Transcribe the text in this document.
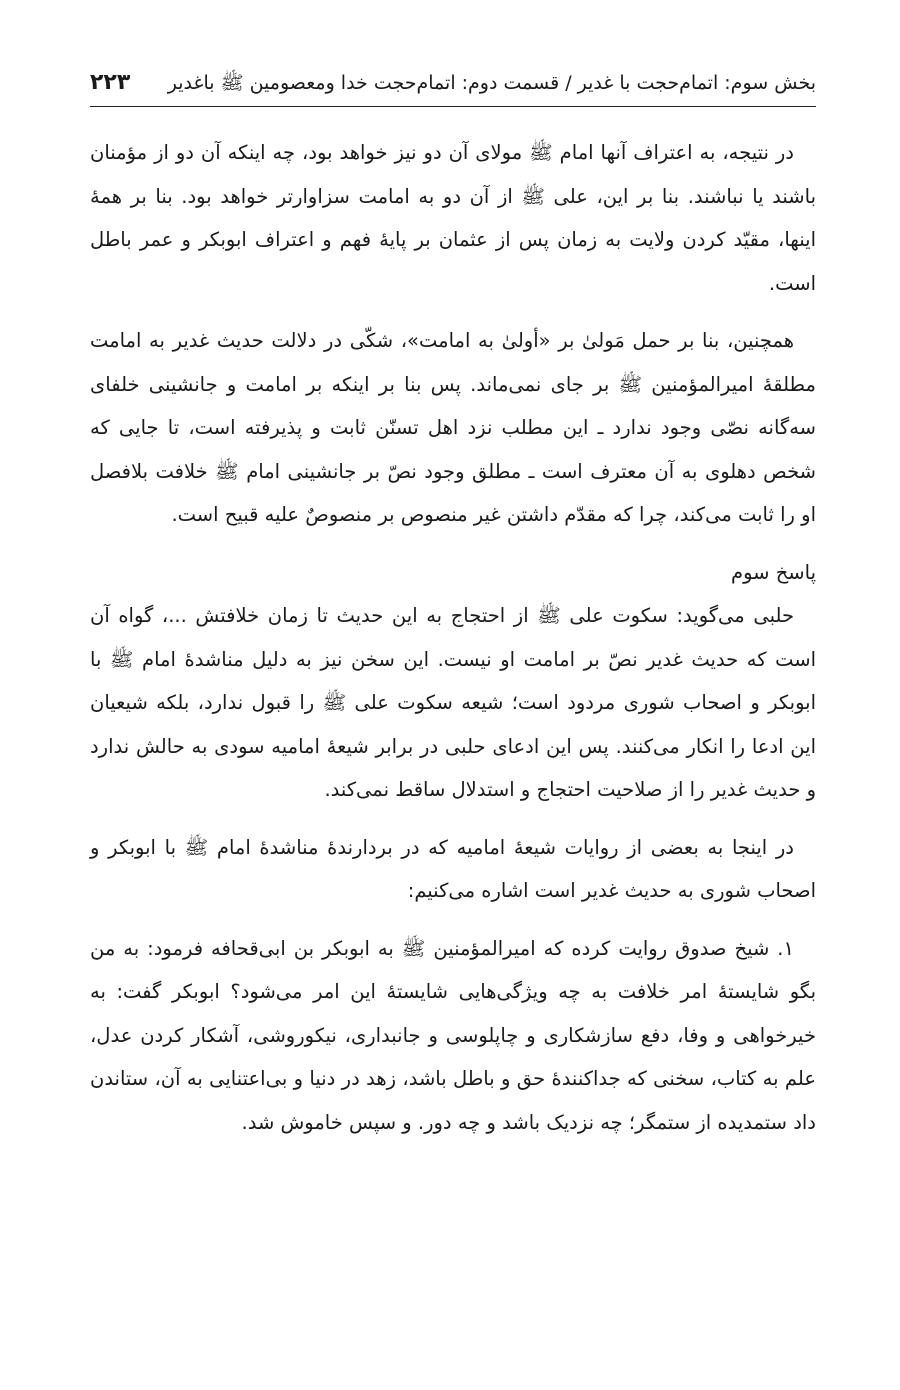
بخش سوم: اتمام‌حجت با غدیر / قسمت دوم: اتمام‌حجت خدا ومعصومین ﷺ باغدیر
۲۲۳

در نتیجه، به اعتراف آنها امام ﷺ مولای آن دو نیز خواهد بود، چه اینکه آن دو از مؤمنان باشند یا نباشند. بنا بر این، علی ﷺ از آن دو به امامت سزاوارتر خواهد بود. بنا بر همهٔ اینها، مقیّد کردن ولایت به زمان پس از عثمان بر پایهٔ فهم و اعتراف ابوبکر و عمر باطل است.

همچنین، بنا بر حمل مَولیٰ بر «أولیٰ به امامت»، شکّی در دلالت حدیث غدیر به امامت مطلقهٔ امیرالمؤمنین ﷺ بر جای نمی‌ماند. پس بنا بر اینکه بر امامت و جانشینی خلفای سه‌گانه نصّی وجود ندارد ـ این مطلب نزد اهل تسنّن ثابت و پذیرفته است، تا جایی که شخص دهلوی به آن معترف است ـ مطلق وجود نصّ بر جانشینی امام ﷺ خلافت بلافصل او را ثابت می‌کند، چرا که مقدّم داشتن غیر منصوص بر منصوصٌ علیه قبیح است.

پاسخ سوم

حلبی می‌گوید: سکوت علی ﷺ از احتجاج به این حدیث تا زمان خلافتش ...، گواه آن است که حدیث غدیر نصّ بر امامت او نیست. این سخن نیز به دلیل مناشدهٔ امام ﷺ با ابوبکر و اصحاب شوری مردود است؛ شیعه سکوت علی ﷺ را قبول ندارد، بلکه شیعیان این ادعا را انکار می‌کنند. پس این ادعای حلبی در برابر شیعهٔ امامیه سودی به حالش ندارد و حدیث غدیر را از صلاحیت احتجاج و استدلال ساقط نمی‌کند.

در اینجا به بعضی از روایات شیعهٔ امامیه که در بردارندهٔ مناشدهٔ امام ﷺ با ابوبکر و اصحاب شوری به حدیث غدیر است اشاره می‌کنیم:

۱. شیخ صدوق روایت کرده که امیرالمؤمنین ﷺ به ابوبکر بن ابی‌قحافه فرمود: به من بگو شایستهٔ امر خلافت به چه ویژگی‌هایی شایستهٔ این امر می‌شود؟ ابوبکر گفت: به خیرخواهی و وفا، دفع سازشکاری و چاپلوسی و جانبداری، نیکوروشی، آشکار کردن عدل، علم به کتاب، سخنی که جداکنندهٔ حق و باطل باشد، زهد در دنیا و بی‌اعتنایی به آن، ستاندن داد ستمدیده از ستمگر؛ چه نزدیک باشد و چه دور. و سپس خاموش شد.
